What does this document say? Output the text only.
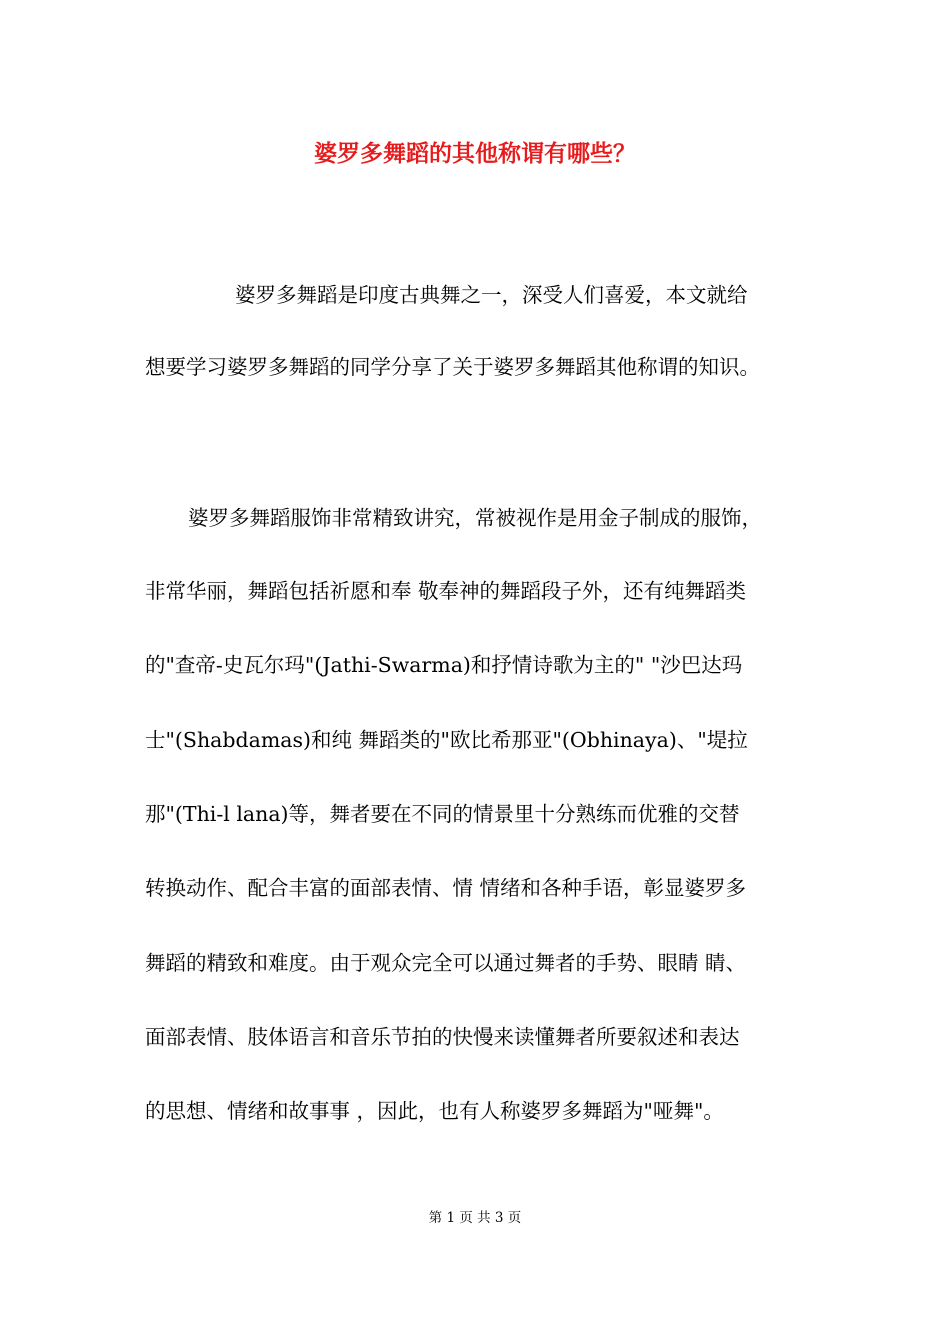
婆罗多舞蹈的其他称谓有哪些？
婆罗多舞蹈是印度古典舞之一，深受人们喜爱，本文就给
想要学习婆罗多舞蹈的同学分享了关于婆罗多舞蹈其他称谓的知识。
婆罗多舞蹈服饰非常精致讲究，常被视作是用金子制成的服饰，
非常华丽，舞蹈包括祈愿和奉 敬奉神的舞蹈段子外，还有纯舞蹈类
的"查帝-史瓦尔玛"(Jathi-Swarma)和抒情诗歌为主的" "沙巴达玛
士"(Shabdamas)和纯 舞蹈类的"欧比希那亚"(Obhinaya)、"堤拉
那"(Thi-l lana)等，舞者要在不同的情景里十分熟练而优雅的交替
转换动作、配合丰富的面部表情、情 情绪和各种手语，彰显婆罗多
舞蹈的精致和难度。由于观众完全可以通过舞者的手势、眼睛 睛、
面部表情、肢体语言和音乐节拍的快慢来读懂舞者所要叙述和表达
的思想、情绪和故事事 ，因此，也有人称婆罗多舞蹈为"哑舞"。
第 1 页 共 3 页
